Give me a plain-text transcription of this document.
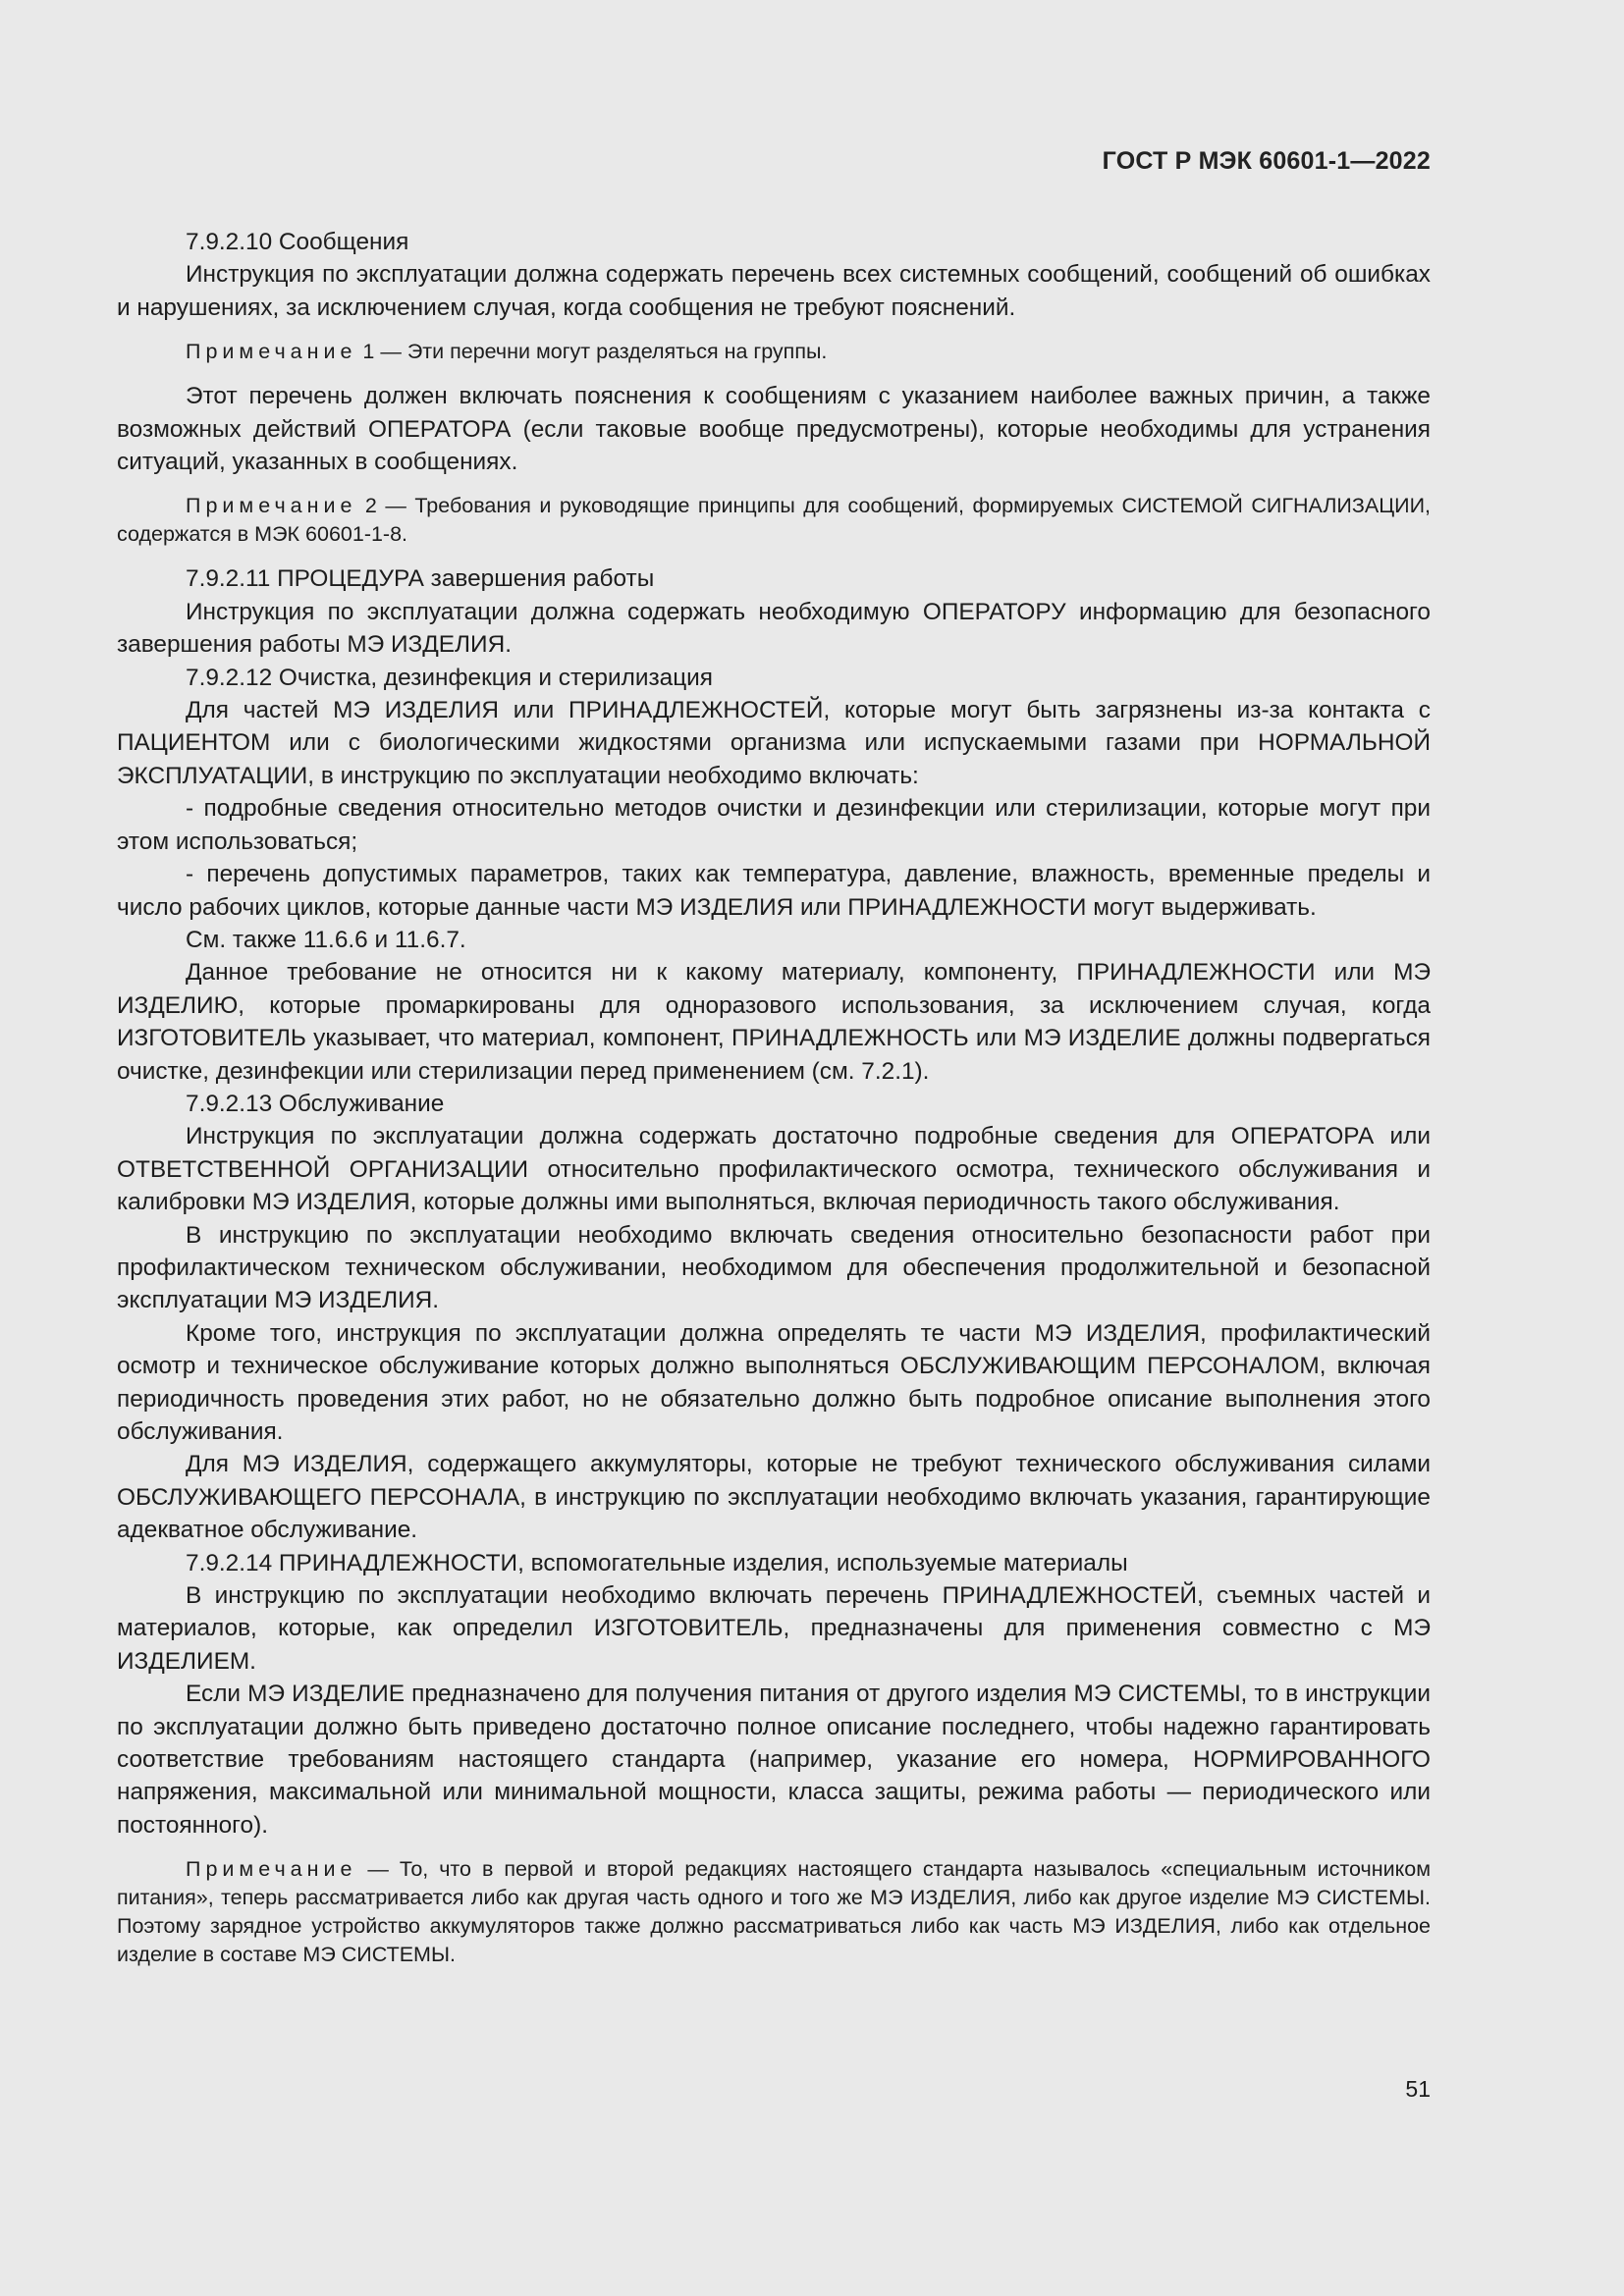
ГОСТ Р МЭК 60601-1—2022

7.9.2.10 Сообщения

Инструкция по эксплуатации должна содержать перечень всех системных сообщений, сообщений об ошибках и нарушениях, за исключением случая, когда сообщения не требуют пояснений.

Примечание 1 — Эти перечни могут разделяться на группы.

Этот перечень должен включать пояснения к сообщениям с указанием наиболее важных причин, а также возможных действий ОПЕРАТОРА (если таковые вообще предусмотрены), которые необходимы для устранения ситуаций, указанных в сообщениях.

Примечание 2 — Требования и руководящие принципы для сообщений, формируемых СИСТЕМОЙ СИГНАЛИЗАЦИИ, содержатся в МЭК 60601-1-8.

7.9.2.11 ПРОЦЕДУРА завершения работы

Инструкция по эксплуатации должна содержать необходимую ОПЕРАТОРУ информацию для безопасного завершения работы МЭ ИЗДЕЛИЯ.

7.9.2.12 Очистка, дезинфекция и стерилизация

Для частей МЭ ИЗДЕЛИЯ или ПРИНАДЛЕЖНОСТЕЙ, которые могут быть загрязнены из-за контакта с ПАЦИЕНТОМ или с биологическими жидкостями организма или испускаемыми газами при НОРМАЛЬНОЙ ЭКСПЛУАТАЦИИ, в инструкцию по эксплуатации необходимо включать:

- подробные сведения относительно методов очистки и дезинфекции или стерилизации, которые могут при этом использоваться;

- перечень допустимых параметров, таких как температура, давление, влажность, временные пределы и число рабочих циклов, которые данные части МЭ ИЗДЕЛИЯ или ПРИНАДЛЕЖНОСТИ могут выдерживать.

См. также 11.6.6 и 11.6.7.

Данное требование не относится ни к какому материалу, компоненту, ПРИНАДЛЕЖНОСТИ или МЭ ИЗДЕЛИЮ, которые промаркированы для одноразового использования, за исключением случая, когда ИЗГОТОВИТЕЛЬ указывает, что материал, компонент, ПРИНАДЛЕЖНОСТЬ или МЭ ИЗДЕЛИЕ должны подвергаться очистке, дезинфекции или стерилизации перед применением (см. 7.2.1).

7.9.2.13 Обслуживание

Инструкция по эксплуатации должна содержать достаточно подробные сведения для ОПЕРАТОРА или ОТВЕТСТВЕННОЙ ОРГАНИЗАЦИИ относительно профилактического осмотра, технического обслуживания и калибровки МЭ ИЗДЕЛИЯ, которые должны ими выполняться, включая периодичность такого обслуживания.

В инструкцию по эксплуатации необходимо включать сведения относительно безопасности работ при профилактическом техническом обслуживании, необходимом для обеспечения продолжительной и безопасной эксплуатации МЭ ИЗДЕЛИЯ.

Кроме того, инструкция по эксплуатации должна определять те части МЭ ИЗДЕЛИЯ, профилактический осмотр и техническое обслуживание которых должно выполняться ОБСЛУЖИВАЮЩИМ ПЕРСОНАЛОМ, включая периодичность проведения этих работ, но не обязательно должно быть подробное описание выполнения этого обслуживания.

Для МЭ ИЗДЕЛИЯ, содержащего аккумуляторы, которые не требуют технического обслуживания силами ОБСЛУЖИВАЮЩЕГО ПЕРСОНАЛА, в инструкцию по эксплуатации необходимо включать указания, гарантирующие адекватное обслуживание.

7.9.2.14 ПРИНАДЛЕЖНОСТИ, вспомогательные изделия, используемые материалы

В инструкцию по эксплуатации необходимо включать перечень ПРИНАДЛЕЖНОСТЕЙ, съемных частей и материалов, которые, как определил ИЗГОТОВИТЕЛЬ, предназначены для применения совместно с МЭ ИЗДЕЛИЕМ.

Если МЭ ИЗДЕЛИЕ предназначено для получения питания от другого изделия МЭ СИСТЕМЫ, то в инструкции по эксплуатации должно быть приведено достаточно полное описание последнего, чтобы надежно гарантировать соответствие требованиям настоящего стандарта (например, указание его номера, НОРМИРОВАННОГО напряжения, максимальной или минимальной мощности, класса защиты, режима работы — периодического или постоянного).

Примечание — То, что в первой и второй редакциях настоящего стандарта называлось «специальным источником питания», теперь рассматривается либо как другая часть одного и того же МЭ ИЗДЕЛИЯ, либо как другое изделие МЭ СИСТЕМЫ. Поэтому зарядное устройство аккумуляторов также должно рассматриваться либо как часть МЭ ИЗДЕЛИЯ, либо как отдельное изделие в составе МЭ СИСТЕМЫ.

51
